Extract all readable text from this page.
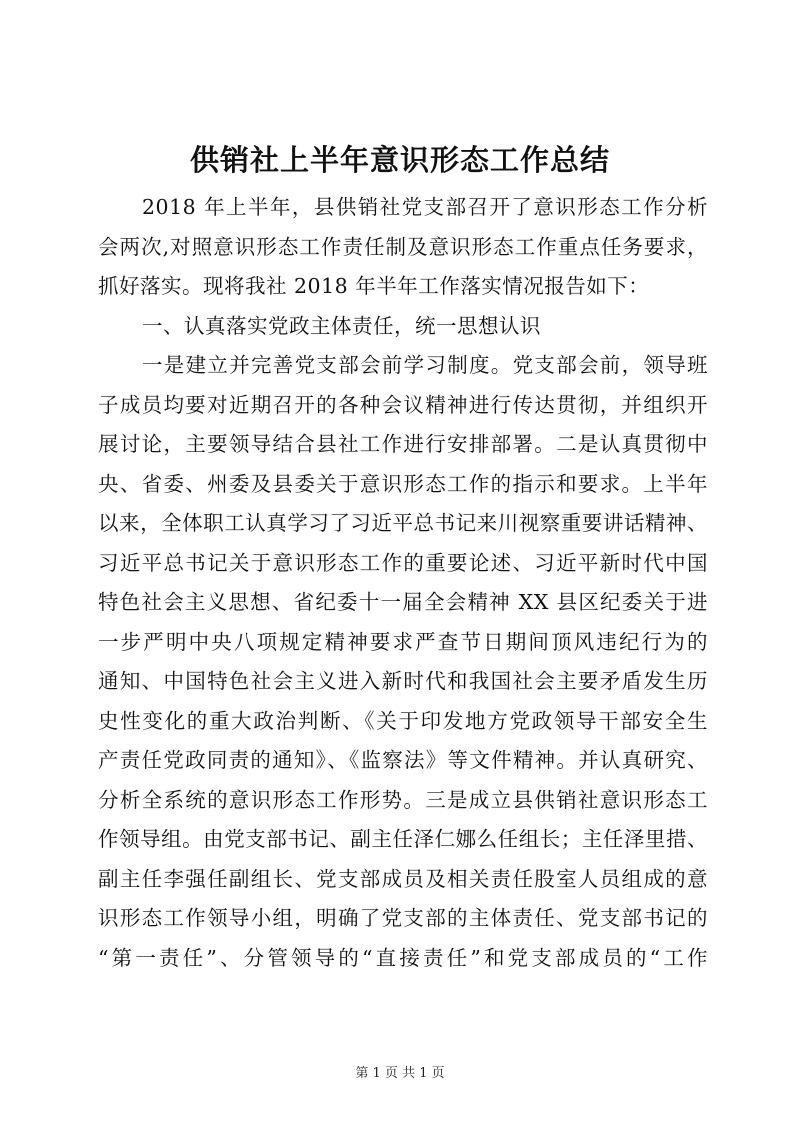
供销社上半年意识形态工作总结
2018 年上半年，县供销社党支部召开了意识形态工作分析
会两次,对照意识形态工作责任制及意识形态工作重点任务要求，
抓好落实。现将我社 2018 年半年工作落实情况报告如下：
一、认真落实党政主体责任，统一思想认识
一是建立并完善党支部会前学习制度。党支部会前，领导班
子成员均要对近期召开的各种会议精神进行传达贯彻，并组织开
展讨论，主要领导结合县社工作进行安排部署。二是认真贯彻中
央、省委、州委及县委关于意识形态工作的指示和要求。上半年
以来，全体职工认真学习了习近平总书记来川视察重要讲话精神、
习近平总书记关于意识形态工作的重要论述、习近平新时代中国
特色社会主义思想、省纪委十一届全会精神 XX 县区纪委关于进
一步严明中央八项规定精神要求严查节日期间顶风违纪行为的
通知、中国特色社会主义进入新时代和我国社会主要矛盾发生历
史性变化的重大政治判断、《关于印发地方党政领导干部安全生
产责任党政同责的通知》、《监察法》等文件精神。并认真研究、
分析全系统的意识形态工作形势。三是成立县供销社意识形态工
作领导组。由党支部书记、副主任泽仁娜么任组长；主任泽里措、
副主任李强任副组长、党支部成员及相关责任股室人员组成的意
识形态工作领导小组，明确了党支部的主体责任、党支部书记的
“第一责任”、分管领导的“直接责任”和党支部成员的“工作
第 1 页 共 1 页
